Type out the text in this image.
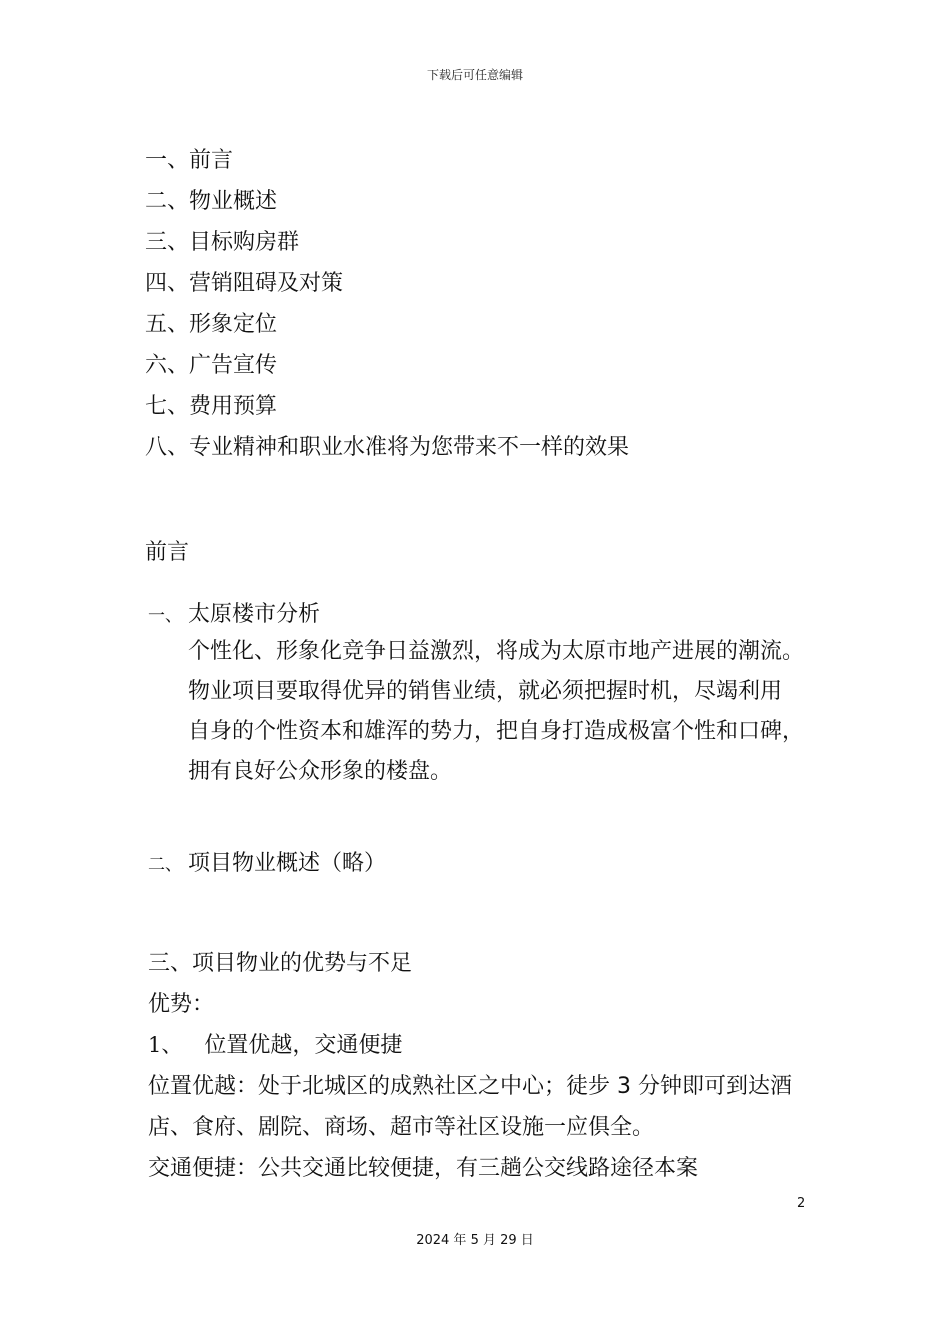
下载后可任意编辑
一、前言
二、物业概述
三、目标购房群
四、营销阻碍及对策
五、形象定位
六、广告宣传
七、费用预算
八、专业精神和职业水准将为您带来不一样的效果
前言
一、 太原楼市分析
个性化、形象化竞争日益激烈，将成为太原市地产进展的潮流。
物业项目要取得优异的销售业绩，就必须把握时机，尽竭利用
自身的个性资本和雄浑的势力，把自身打造成极富个性和口碑，
拥有良好公众形象的楼盘。
二、 项目物业概述（略）
三、项目物业的优势与不足
优势：
1、 位置优越，交通便捷
位置优越：处于北城区的成熟社区之中心；徒步 3 分钟即可到达酒
店、食府、剧院、商场、超市等社区设施一应俱全。
交通便捷：公共交通比较便捷，有三趟公交线路途径本案
2
2024 年 5 月 29 日
